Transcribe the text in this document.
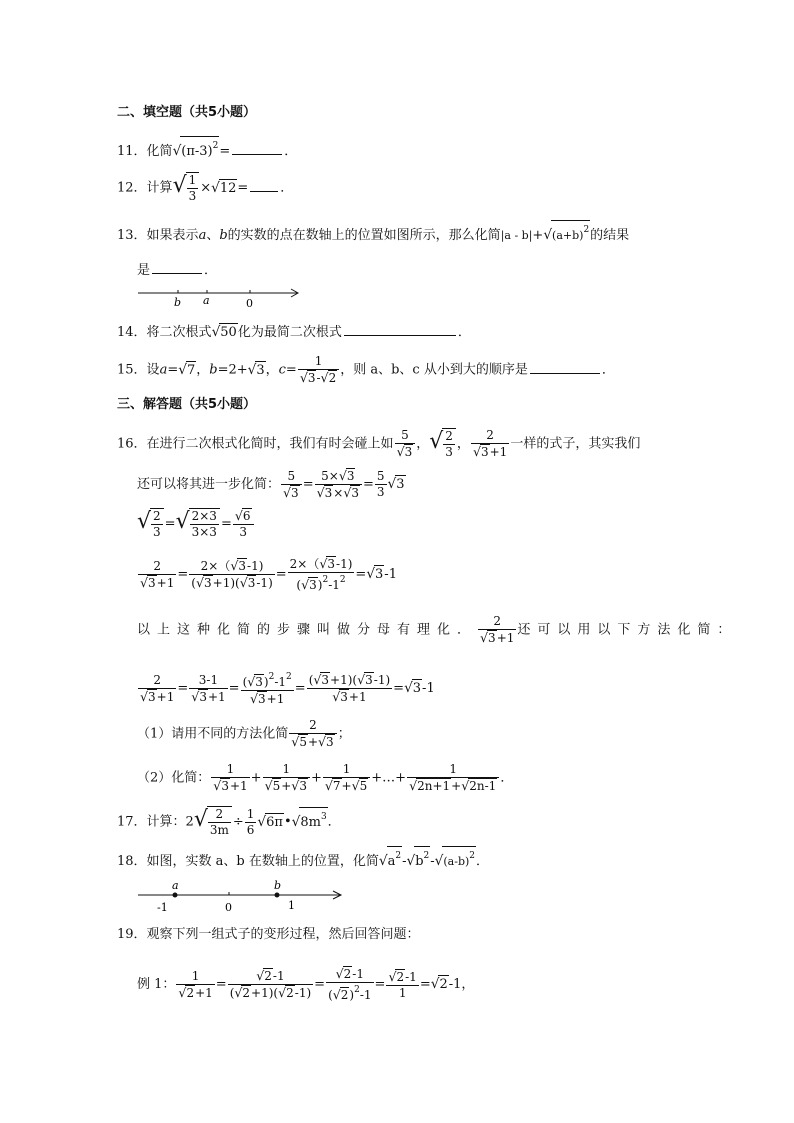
二、填空题（共5小题）
11．化简$√(\pi-3)^2=$	．
12．计算√ $\frac{1}{3} \times√12=$ ．
13．如果表示a、b的实数的点在数轴上的位置如图所示，那么化简$|a - b|+√(a+b)^2$的结果
是	．
b a	0
14．将二次根式√50化为最简二次根式	．
15．设a=√7，b=2+√3，$c= \frac{1}{√3-√2}$ ，则 a、b、c 从小到大的顺序是	．
三、解答题（共5小题）
16．在进行二次根式化简时，我们有时会碰上如 $\frac{5}{√3}$ ，√ $\frac{2}{3}$ ， $\frac{2}{√3+1}$ 一样的式子，其实我们
还可以将其进一步化简： $\frac{5}{√3} = \frac{5\times√3}{√3\times√3} = \frac{5}{3} √3$
√ $\frac{2}{3}$ =√ $\frac{2\times 3}{3\times 3} = \frac{√6}{3}$
$\frac{2}{√3+1} = \frac{2\times(√3-1)}{(√3+1)(√3-1)} = \frac{2\times(√3-1)}{(√3)^2-1^2} =√3-1$
以上这种化简的步骤叫做分母有理化． $\frac{2}{√3+1}$ 还可以用以下方法化简：
$\frac{2}{√3+1} = \frac{3-1}{√3+1} = \frac{(√3)^2-1^2}{√3+1} = \frac{(√3+1)(√3-1)}{√3+1} =√3-1$
（1）请用不同的方法化简 $\frac{2}{√5+√3}$ ；
（2）化简： $\frac{1}{√3+1} + \frac{1}{√5+√3} + \frac{1}{√7+√5}$ +…+ $\frac{1}{√2n+1+√2n-1}$ ．
17．计算：$2√ \frac{2}{3m} \div \frac{1}{6}$ $√6\pi•√8m^3$．
18．如图，实数 a、b 在数轴上的位置，化简$√a^2-√b^2-√(a-b)^2$．
a	b
-1	0	1
19．观察下列一组式子的变形过程，然后回答问题：
例 1： $\frac{1}{√2+1} = \frac{√2-1}{(√2+1)(√2-1)} = \frac{√2-1}{(√2)^2-1} = \frac{√2-1}{1} =√2-1$，
